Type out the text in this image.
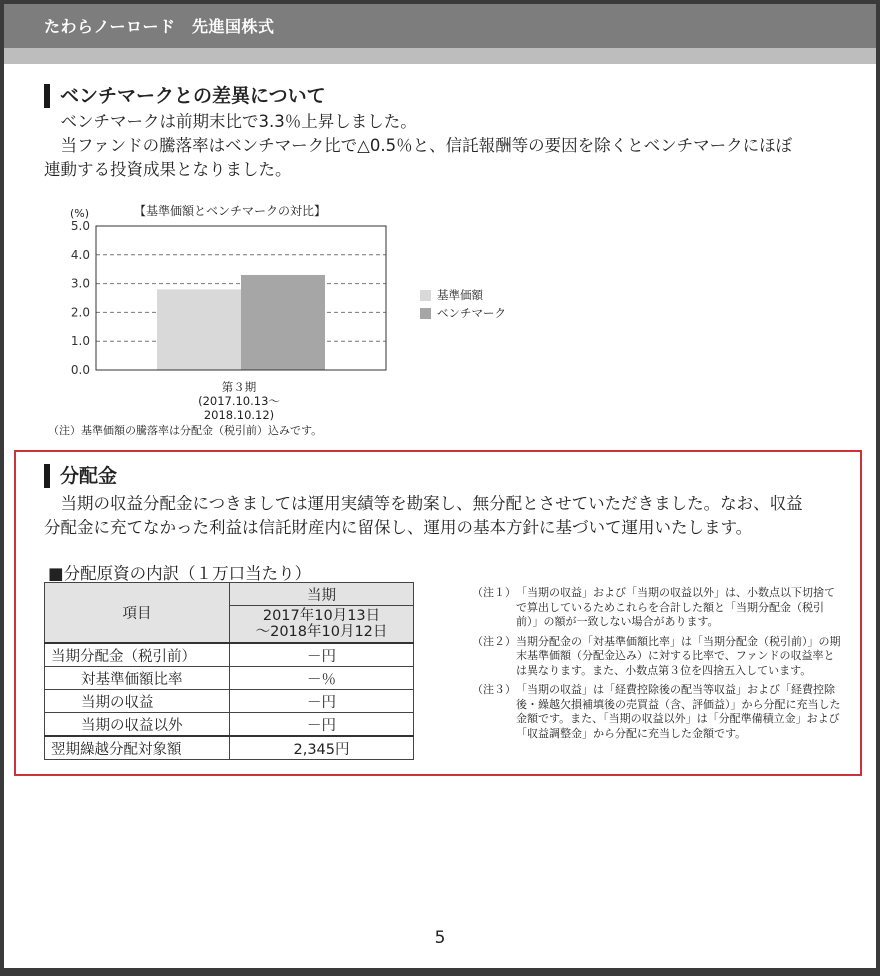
たわらノーロード　先進国株式
ベンチマークとの差異について

　ベンチマークは前期末比で3.3％上昇しました。

　当ファンドの騰落率はベンチマーク比で△0.5％と、信託報酬等の要因を除くとベンチマークにほぼ

連動する投資成果となりました。

【基準価額とベンチマークの対比】
(%)
0.0
1.0
2.0
3.0
4.0
5.0
基準価額
ベンチマーク
第３期
(2017.10.13～2018.10.12)
（注）基準価額の騰落率は分配金（税引前）込みです。
分配金

　当期の収益分配金につきましては運用実績等を勘案し、無分配とさせていただきました。なお、収益

分配金に充てなかった利益は信託財産内に留保し、運用の基本方針に基づいて運用いたします。

■分配原資の内訳（１万口当たり）
項目	当期

	2017年10月13日
～2018年10月12日

当期分配金（税引前）	－円
対基準価額比率	－％
当期の収益	－円
当期の収益以外	－円
翌期繰越分配対象額	2,345円
（注１） 「当期の収益」および「当期の収益以外」は、小数点以下切捨てで算出しているためこれらを合計した額と「当期分配金（税引前）」の額が一致しない場合があります。
（注２） 当期分配金の「対基準価額比率」は「当期分配金（税引前）」の期末基準価額（分配金込み）に対する比率で、ファンドの収益率とは異なります。また、小数点第３位を四捨五入しています。
（注３） 「当期の収益」は「経費控除後の配当等収益」および「経費控除後・繰越欠損補填後の売買益（含、評価益）」から分配に充当した金額です。また、「当期の収益以外」は「分配準備積立金」および「収益調整金」から分配に充当した金額です。
5
